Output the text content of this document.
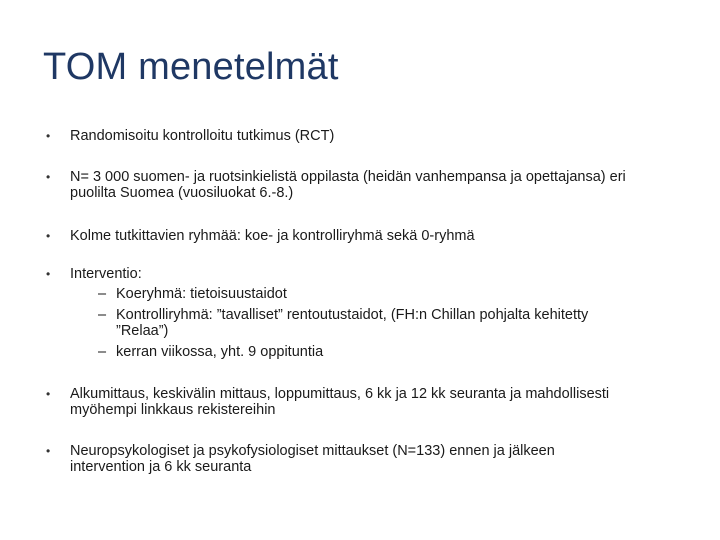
TOM menetelmät
• Randomisoitu kontrolloitu tutkimus (RCT)
• N= 3 000 suomen- ja ruotsinkielistä oppilasta (heidän vanhempansa ja opettajansa) eri
puolilta Suomea (vuosiluokat 6.-8.)
• Kolme tutkittavien ryhmää: koe- ja kontrolliryhmä sekä 0-ryhmä
• Interventio:
– Koeryhmä: tietoisuustaidot
– Kontrolliryhmä: ”tavalliset” rentoutustaidot, (FH:n Chillan pohjalta kehitetty
”Relaa”)
– kerran viikossa, yht. 9 oppituntia
• Alkumittaus, keskivälin mittaus, loppumittaus, 6 kk ja 12 kk seuranta ja mahdollisesti
myöhempi linkkaus rekistereihin
• Neuropsykologiset ja psykofysiologiset mittaukset (N=133) ennen ja jälkeen
intervention ja 6 kk seuranta
